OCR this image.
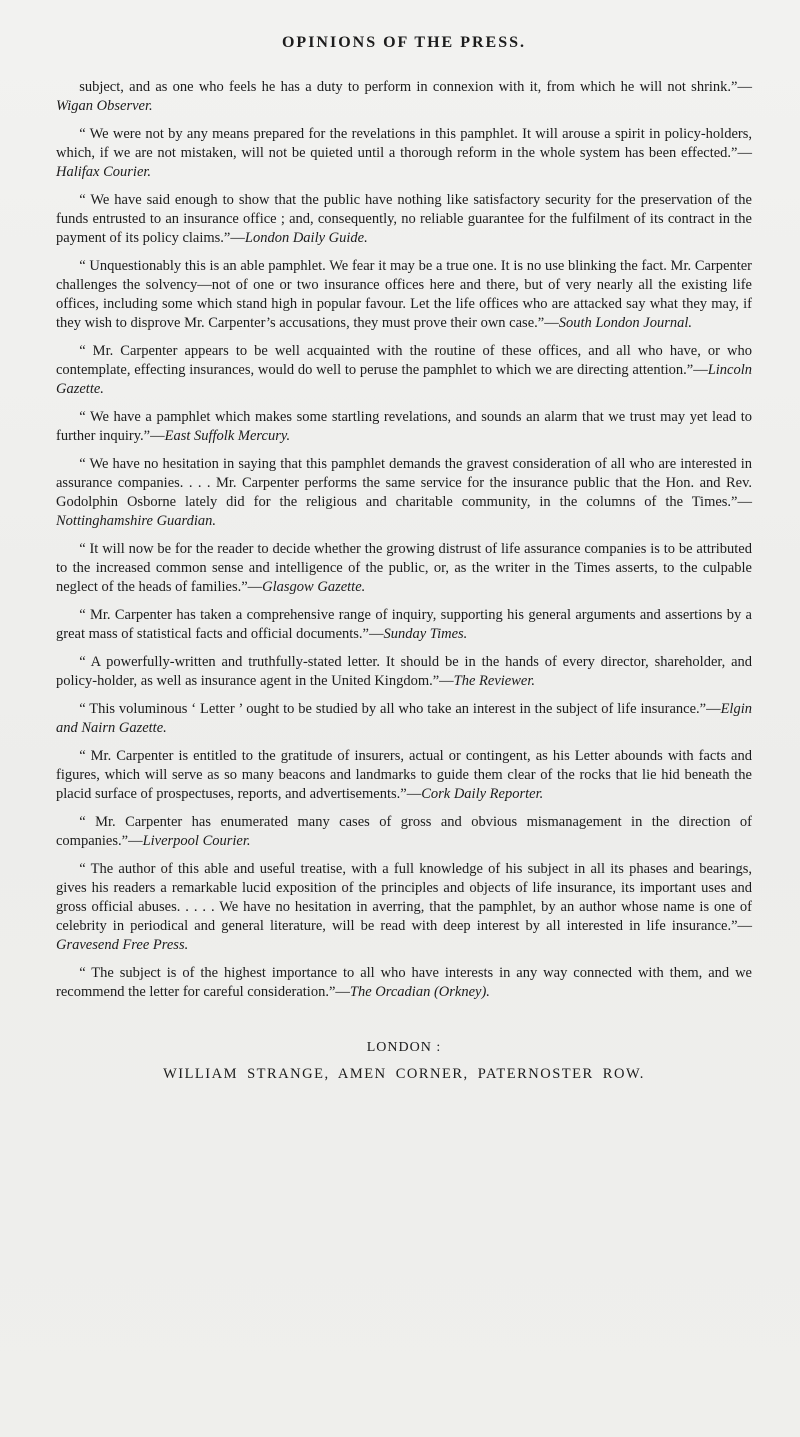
OPINIONS OF THE PRESS.

subject, and as one who feels he has a duty to perform in connexion with it, from which he will not shrink.”—Wigan Observer.

“ We were not by any means prepared for the revelations in this pamphlet. It will arouse a spirit in policy-holders, which, if we are not mistaken, will not be quieted until a thorough reform in the whole system has been effected.”—Halifax Courier.

“ We have said enough to show that the public have nothing like satisfactory security for the preservation of the funds entrusted to an insurance office ; and, consequently, no reliable guarantee for the fulfilment of its contract in the payment of its policy claims.”—London Daily Guide.

“ Unquestionably this is an able pamphlet. We fear it may be a true one. It is no use blinking the fact. Mr. Carpenter challenges the solvency—not of one or two insurance offices here and there, but of very nearly all the existing life offices, including some which stand high in popular favour. Let the life offices who are attacked say what they may, if they wish to disprove Mr. Carpenter’s accusations, they must prove their own case.”—South London Journal.

“ Mr. Carpenter appears to be well acquainted with the routine of these offices, and all who have, or who contemplate, effecting insurances, would do well to peruse the pamphlet to which we are directing attention.”—Lincoln Gazette.

“ We have a pamphlet which makes some startling revelations, and sounds an alarm that we trust may yet lead to further inquiry.”—East Suffolk Mercury.

“ We have no hesitation in saying that this pamphlet demands the gravest consideration of all who are interested in assurance companies. . . . Mr. Carpenter performs the same service for the insurance public that the Hon. and Rev. Godolphin Osborne lately did for the religious and charitable community, in the columns of the Times.”—Nottinghamshire Guardian.

“ It will now be for the reader to decide whether the growing distrust of life assurance companies is to be attributed to the increased common sense and intelligence of the public, or, as the writer in the Times asserts, to the culpable neglect of the heads of families.”—Glasgow Gazette.

“ Mr. Carpenter has taken a comprehensive range of inquiry, supporting his general arguments and assertions by a great mass of statistical facts and official documents.”—Sunday Times.

“ A powerfully-written and truthfully-stated letter. It should be in the hands of every director, shareholder, and policy-holder, as well as insurance agent in the United Kingdom.”—The Reviewer.

“ This voluminous ‘ Letter ’ ought to be studied by all who take an interest in the subject of life insurance.”—Elgin and Nairn Gazette.

“ Mr. Carpenter is entitled to the gratitude of insurers, actual or contingent, as his Letter abounds with facts and figures, which will serve as so many beacons and landmarks to guide them clear of the rocks that lie hid beneath the placid surface of prospectuses, reports, and advertisements.”—Cork Daily Reporter.

“ Mr. Carpenter has enumerated many cases of gross and obvious mismanagement in the direction of companies.”—Liverpool Courier.

“ The author of this able and useful treatise, with a full knowledge of his subject in all its phases and bearings, gives his readers a remarkable lucid exposition of the principles and objects of life insurance, its important uses and gross official abuses. . . . . We have no hesitation in averring, that the pamphlet, by an author whose name is one of celebrity in periodical and general literature, will be read with deep interest by all interested in life insurance.”—Gravesend Free Press.

“ The subject is of the highest importance to all who have interests in any way connected with them, and we recommend the letter for careful consideration.”—The Orcadian (Orkney).

LONDON :
WILLIAM STRANGE, AMEN CORNER, PATERNOSTER ROW.
